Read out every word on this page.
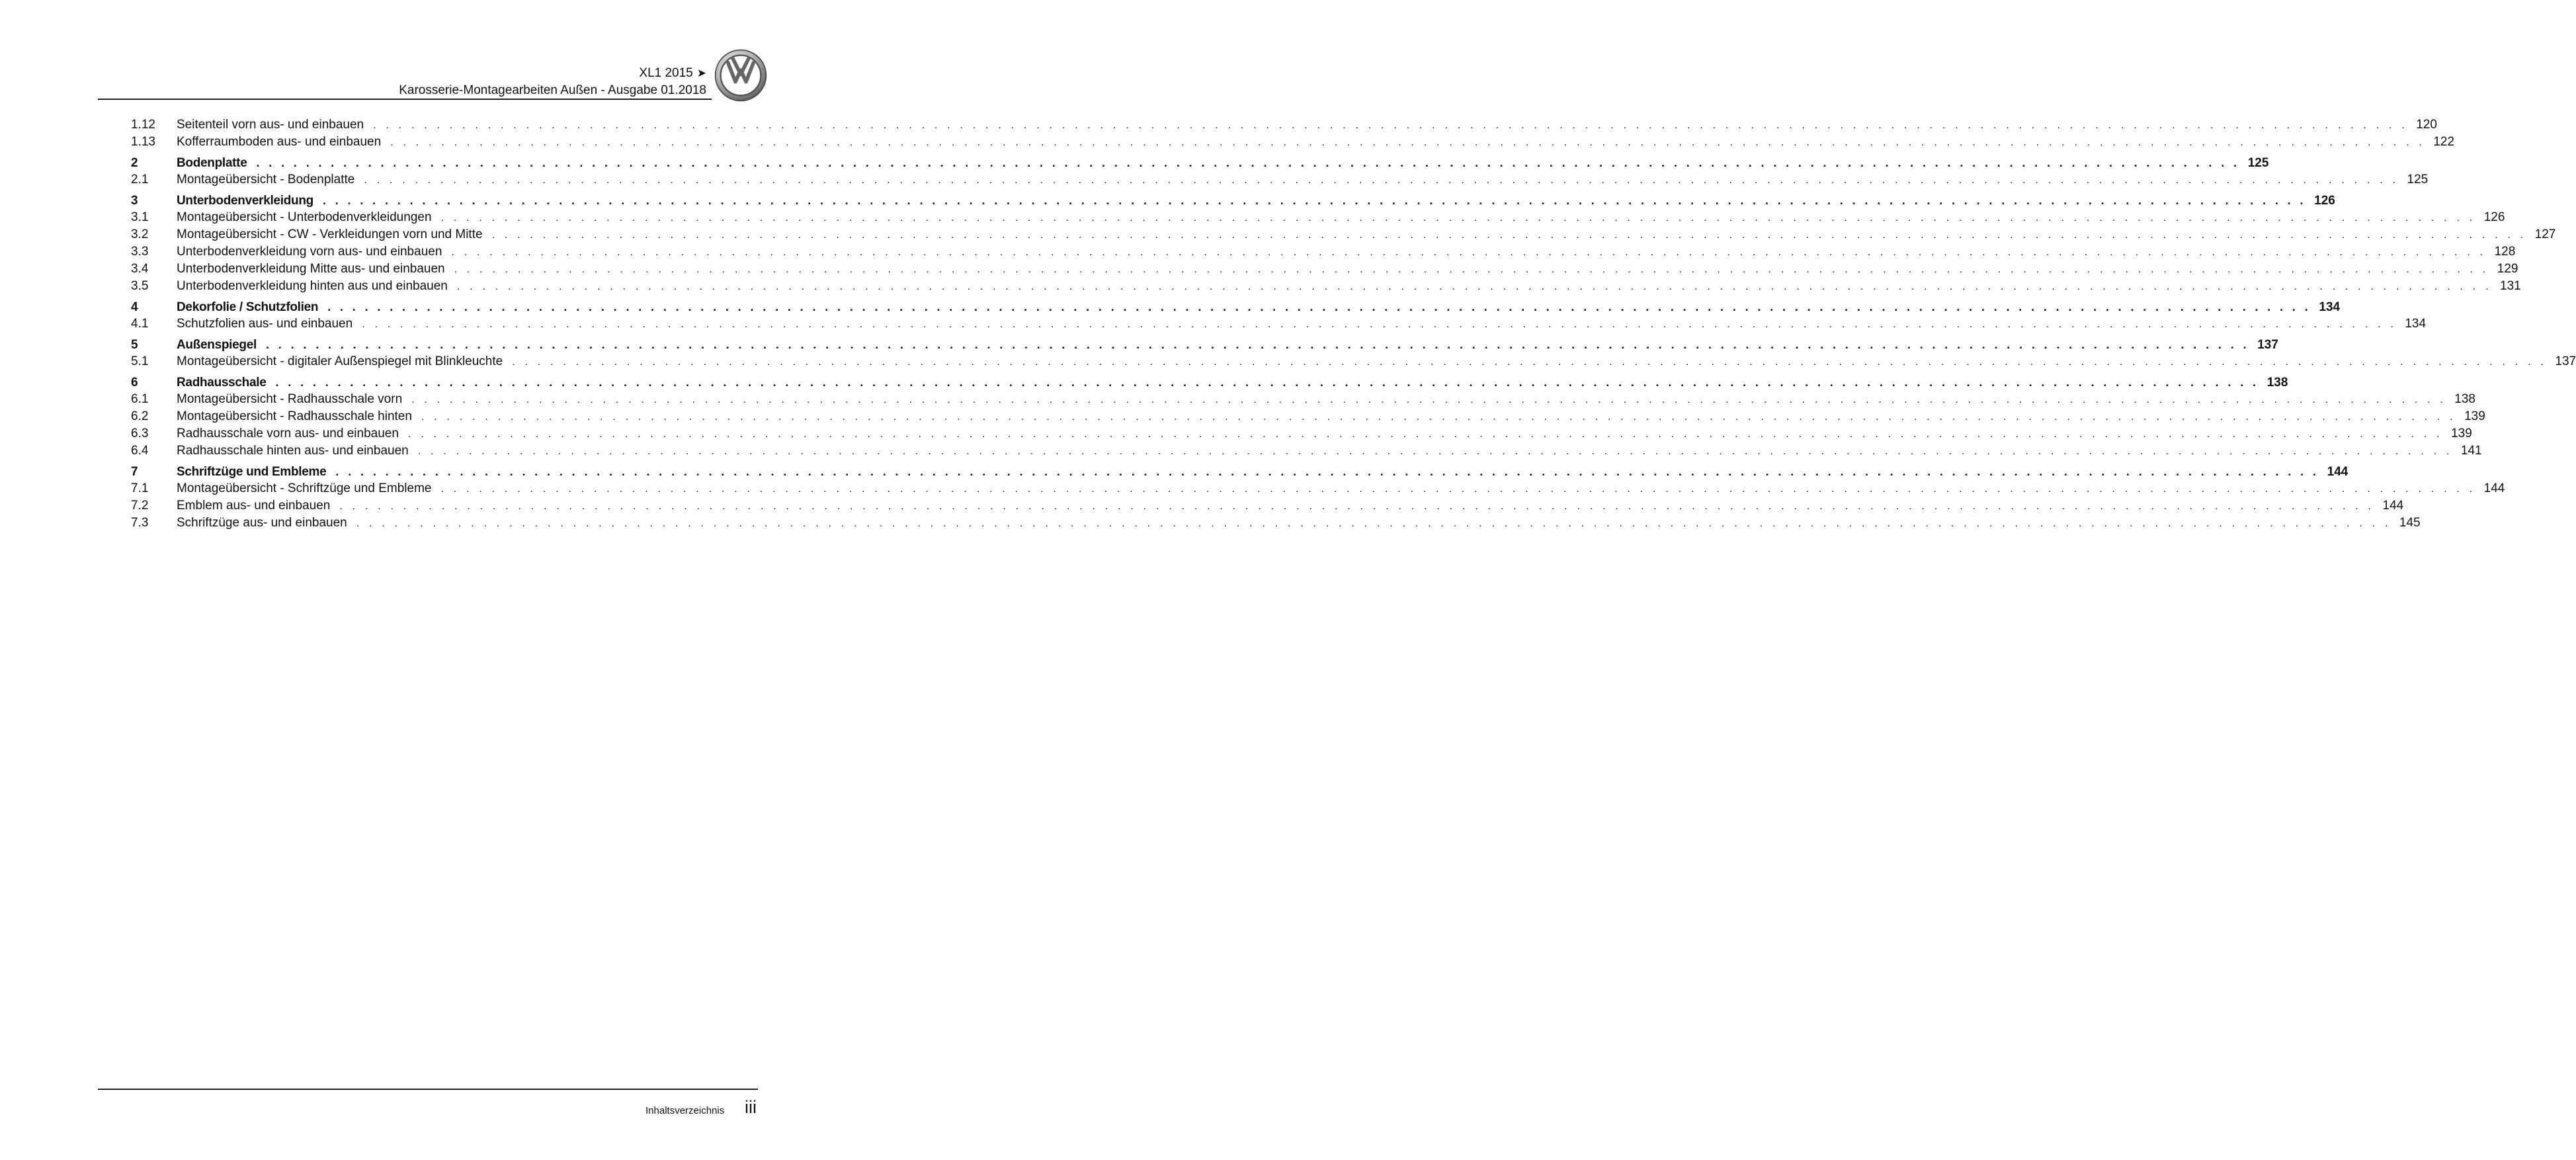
XL1 2015 ➤
Karosserie-Montagearbeiten Außen - Ausgabe 01.2018
1.12	Seitenteil vorn aus- und einbauen . . . . . . . . . . . . . . . . . . . . . . . . . . . . . . . . . . . . . . . . . . . . . . . . . . . . . . . . . . . . . . . . . . . . . . . . . . . . . . . . . . . . . . . . . . . . . . . . . . . . . . . . . . . . . . . . . . . . . . . . . . . . . . . . . . . . . . . . . . . . . . . . . . . . . . . . . . . . . . . . 120
1.13	Kofferraumboden aus- und einbauen . . . . . . . . . . . . . . . . . . . . . . . . . . . . . . . . . . . . . . . . . . . . . . . . . . . . . . . . . . . . . . . . . . . . . . . . . . . . . . . . . . . . . . . . . . . . . . . . . . . . . . . . . . . . . . . . . . . . . . . . . . . . . . . . . . . . . . . . . . . . . . . . . . . . . . . . . . . . . . . . 122
2	Bodenplatte . . . . . . . . . . . . . . . . . . . . . . . . . . . . . . . . . . . . . . . . . . . . . . . . . . . . . . . . . . . . . . . . . . . . . . . . . . . . . . . . . . . . . . . . . . . . . . . . . . . . . . . . . . . . . . . . . . . . . . . . . . . . . . . . . . . . . . . . . . . . . . . . . . . . . . . . . . . . . . . . 125
2.1	Montageübersicht - Bodenplatte . . . . . . . . . . . . . . . . . . . . . . . . . . . . . . . . . . . . . . . . . . . . . . . . . . . . . . . . . . . . . . . . . . . . . . . . . . . . . . . . . . . . . . . . . . . . . . . . . . . . . . . . . . . . . . . . . . . . . . . . . . . . . . . . . . . . . . . . . . . . . . . . . . . . . . . . . . . . . . . . 125
3	Unterbodenverkleidung . . . . . . . . . . . . . . . . . . . . . . . . . . . . . . . . . . . . . . . . . . . . . . . . . . . . . . . . . . . . . . . . . . . . . . . . . . . . . . . . . . . . . . . . . . . . . . . . . . . . . . . . . . . . . . . . . . . . . . . . . . . . . . . . . . . . . . . . . . . . . . . . . . . . . . . . . . . . . . . . 126
3.1	Montageübersicht - Unterbodenverkleidungen . . . . . . . . . . . . . . . . . . . . . . . . . . . . . . . . . . . . . . . . . . . . . . . . . . . . . . . . . . . . . . . . . . . . . . . . . . . . . . . . . . . . . . . . . . . . . . . . . . . . . . . . . . . . . . . . . . . . . . . . . . . . . . . . . . . . . . . . . . . . . . . . . . . . . . . . . . . . . . . . 126
3.2	Montageübersicht - CW - Verkleidungen vorn und Mitte . . . . . . . . . . . . . . . . . . . . . . . . . . . . . . . . . . . . . . . . . . . . . . . . . . . . . . . . . . . . . . . . . . . . . . . . . . . . . . . . . . . . . . . . . . . . . . . . . . . . . . . . . . . . . . . . . . . . . . . . . . . . . . . . . . . . . . . . . . . . . . . . . . . . . . . . . . . . . . . . 127
3.3	Unterbodenverkleidung vorn aus- und einbauen . . . . . . . . . . . . . . . . . . . . . . . . . . . . . . . . . . . . . . . . . . . . . . . . . . . . . . . . . . . . . . . . . . . . . . . . . . . . . . . . . . . . . . . . . . . . . . . . . . . . . . . . . . . . . . . . . . . . . . . . . . . . . . . . . . . . . . . . . . . . . . . . . . . . . . . . . . . . . . . . 128
3.4	Unterbodenverkleidung Mitte aus- und einbauen . . . . . . . . . . . . . . . . . . . . . . . . . . . . . . . . . . . . . . . . . . . . . . . . . . . . . . . . . . . . . . . . . . . . . . . . . . . . . . . . . . . . . . . . . . . . . . . . . . . . . . . . . . . . . . . . . . . . . . . . . . . . . . . . . . . . . . . . . . . . . . . . . . . . . . . . . . . . . . . . 129
3.5	Unterbodenverkleidung hinten aus und einbauen . . . . . . . . . . . . . . . . . . . . . . . . . . . . . . . . . . . . . . . . . . . . . . . . . . . . . . . . . . . . . . . . . . . . . . . . . . . . . . . . . . . . . . . . . . . . . . . . . . . . . . . . . . . . . . . . . . . . . . . . . . . . . . . . . . . . . . . . . . . . . . . . . . . . . . . . . . . . . . . . 131
4	Dekorfolie / Schutzfolien . . . . . . . . . . . . . . . . . . . . . . . . . . . . . . . . . . . . . . . . . . . . . . . . . . . . . . . . . . . . . . . . . . . . . . . . . . . . . . . . . . . . . . . . . . . . . . . . . . . . . . . . . . . . . . . . . . . . . . . . . . . . . . . . . . . . . . . . . . . . . . . . . . . . . . . . . . . . . . . . 134
4.1	Schutzfolien aus- und einbauen . . . . . . . . . . . . . . . . . . . . . . . . . . . . . . . . . . . . . . . . . . . . . . . . . . . . . . . . . . . . . . . . . . . . . . . . . . . . . . . . . . . . . . . . . . . . . . . . . . . . . . . . . . . . . . . . . . . . . . . . . . . . . . . . . . . . . . . . . . . . . . . . . . . . . . . . . . . . . . . . 134
5	Außenspiegel . . . . . . . . . . . . . . . . . . . . . . . . . . . . . . . . . . . . . . . . . . . . . . . . . . . . . . . . . . . . . . . . . . . . . . . . . . . . . . . . . . . . . . . . . . . . . . . . . . . . . . . . . . . . . . . . . . . . . . . . . . . . . . . . . . . . . . . . . . . . . . . . . . . . . . . . . . . . . . . . 137
5.1	Montageübersicht - digitaler Außenspiegel mit Blinkleuchte . . . . . . . . . . . . . . . . . . . . . . . . . . . . . . . . . . . . . . . . . . . . . . . . . . . . . . . . . . . . . . . . . . . . . . . . . . . . . . . . . . . . . . . . . . . . . . . . . . . . . . . . . . . . . . . . . . . . . . . . . . . . . . . . . . . . . . . . . . . . . . . . . . . . . . . . . . . . . . . . 137
6	Radhausschale . . . . . . . . . . . . . . . . . . . . . . . . . . . . . . . . . . . . . . . . . . . . . . . . . . . . . . . . . . . . . . . . . . . . . . . . . . . . . . . . . . . . . . . . . . . . . . . . . . . . . . . . . . . . . . . . . . . . . . . . . . . . . . . . . . . . . . . . . . . . . . . . . . . . . . . . . . . . . . . . 138
6.1	Montageübersicht - Radhausschale vorn . . . . . . . . . . . . . . . . . . . . . . . . . . . . . . . . . . . . . . . . . . . . . . . . . . . . . . . . . . . . . . . . . . . . . . . . . . . . . . . . . . . . . . . . . . . . . . . . . . . . . . . . . . . . . . . . . . . . . . . . . . . . . . . . . . . . . . . . . . . . . . . . . . . . . . . . . . . . . . . . 138
6.2	Montageübersicht - Radhausschale hinten . . . . . . . . . . . . . . . . . . . . . . . . . . . . . . . . . . . . . . . . . . . . . . . . . . . . . . . . . . . . . . . . . . . . . . . . . . . . . . . . . . . . . . . . . . . . . . . . . . . . . . . . . . . . . . . . . . . . . . . . . . . . . . . . . . . . . . . . . . . . . . . . . . . . . . . . . . . . . . . . 139
6.3	Radhausschale vorn aus- und einbauen . . . . . . . . . . . . . . . . . . . . . . . . . . . . . . . . . . . . . . . . . . . . . . . . . . . . . . . . . . . . . . . . . . . . . . . . . . . . . . . . . . . . . . . . . . . . . . . . . . . . . . . . . . . . . . . . . . . . . . . . . . . . . . . . . . . . . . . . . . . . . . . . . . . . . . . . . . . . . . . . 139
6.4	Radhausschale hinten aus- und einbauen . . . . . . . . . . . . . . . . . . . . . . . . . . . . . . . . . . . . . . . . . . . . . . . . . . . . . . . . . . . . . . . . . . . . . . . . . . . . . . . . . . . . . . . . . . . . . . . . . . . . . . . . . . . . . . . . . . . . . . . . . . . . . . . . . . . . . . . . . . . . . . . . . . . . . . . . . . . . . . . . 141
7	Schriftzüge und Embleme . . . . . . . . . . . . . . . . . . . . . . . . . . . . . . . . . . . . . . . . . . . . . . . . . . . . . . . . . . . . . . . . . . . . . . . . . . . . . . . . . . . . . . . . . . . . . . . . . . . . . . . . . . . . . . . . . . . . . . . . . . . . . . . . . . . . . . . . . . . . . . . . . . . . . . . . . . . . . . . . 144
7.1	Montageübersicht - Schriftzüge und Embleme . . . . . . . . . . . . . . . . . . . . . . . . . . . . . . . . . . . . . . . . . . . . . . . . . . . . . . . . . . . . . . . . . . . . . . . . . . . . . . . . . . . . . . . . . . . . . . . . . . . . . . . . . . . . . . . . . . . . . . . . . . . . . . . . . . . . . . . . . . . . . . . . . . . . . . . . . . . . . . . . 144
7.2	Emblem aus- und einbauen . . . . . . . . . . . . . . . . . . . . . . . . . . . . . . . . . . . . . . . . . . . . . . . . . . . . . . . . . . . . . . . . . . . . . . . . . . . . . . . . . . . . . . . . . . . . . . . . . . . . . . . . . . . . . . . . . . . . . . . . . . . . . . . . . . . . . . . . . . . . . . . . . . . . . . . . . . . . . . . . 144
7.3	Schriftzüge aus- und einbauen . . . . . . . . . . . . . . . . . . . . . . . . . . . . . . . . . . . . . . . . . . . . . . . . . . . . . . . . . . . . . . . . . . . . . . . . . . . . . . . . . . . . . . . . . . . . . . . . . . . . . . . . . . . . . . . . . . . . . . . . . . . . . . . . . . . . . . . . . . . . . . . . . . . . . . . . . . . . . . . . 145
Inhaltsverzeichnis iii
